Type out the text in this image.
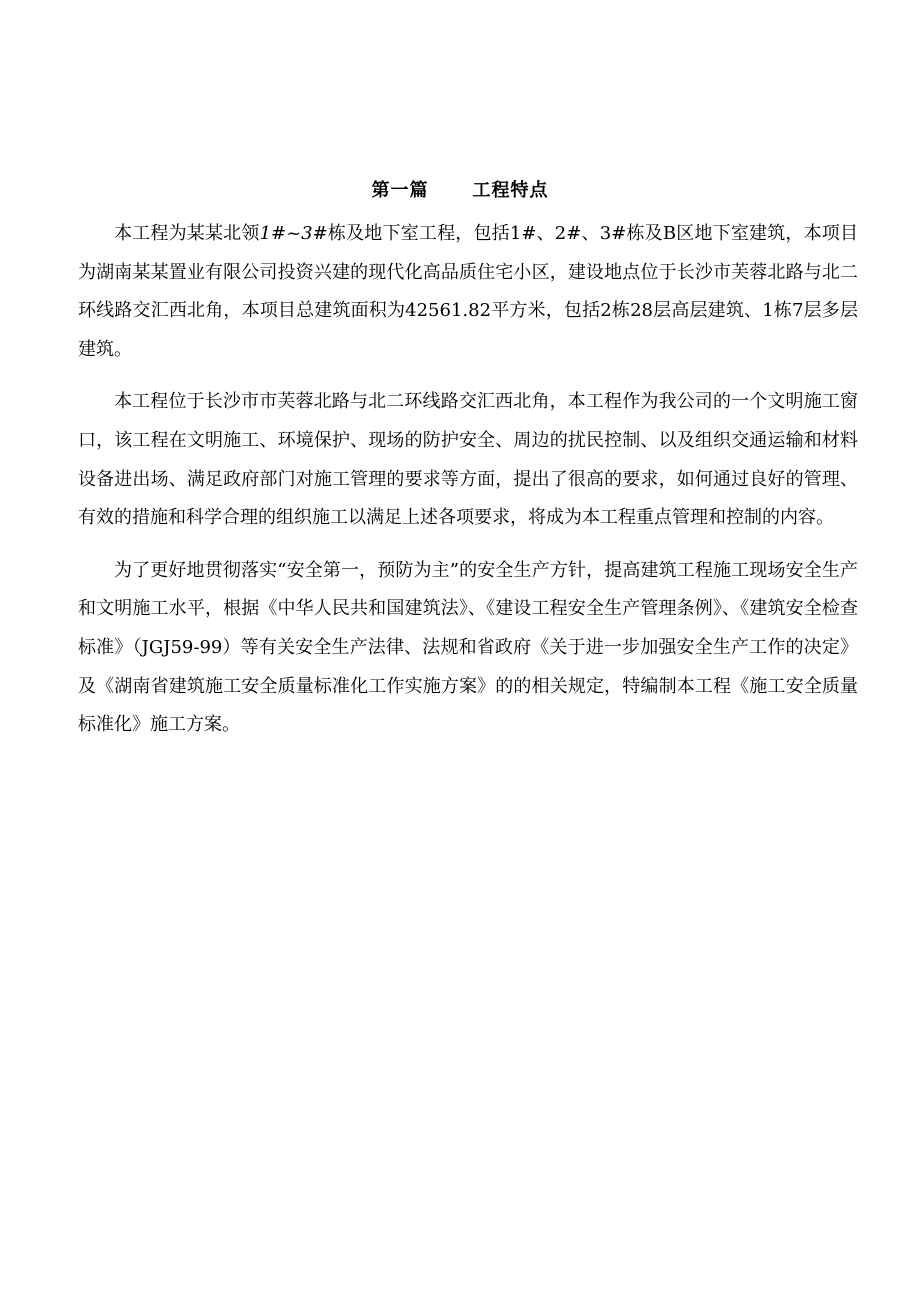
第一篇 工程特点

本工程为某某北领1#~3#栋及地下室工程，包括1#、2#、3#栋及B区地下室建筑，本项目为湖南某某置业有限公司投资兴建的现代化高品质住宅小区，建设地点位于长沙市芙蓉北路与北二环线路交汇西北角，本项目总建筑面积为42561.82平方米，包括2栋28层高层建筑、1栋7层多层建筑。

本工程位于长沙市市芙蓉北路与北二环线路交汇西北角，本工程作为我公司的一个文明施工窗口，该工程在文明施工、环境保护、现场的防护安全、周边的扰民控制、以及组织交通运输和材料设备进出场、满足政府部门对施工管理的要求等方面，提出了很高的要求，如何通过良好的管理、有效的措施和科学合理的组织施工以满足上述各项要求，将成为本工程重点管理和控制的内容。

为了更好地贯彻落实“安全第一，预防为主”的安全生产方针，提高建筑工程施工现场安全生产和文明施工水平，根据《中华人民共和国建筑法》、《建设工程安全生产管理条例》、《建筑安全检查标准》（JGJ59-99）等有关安全生产法律、法规和省政府《关于进一步加强安全生产工作的决定》及《湖南省建筑施工安全质量标准化工作实施方案》的的相关规定，特编制本工程《施工安全质量标准化》施工方案。
